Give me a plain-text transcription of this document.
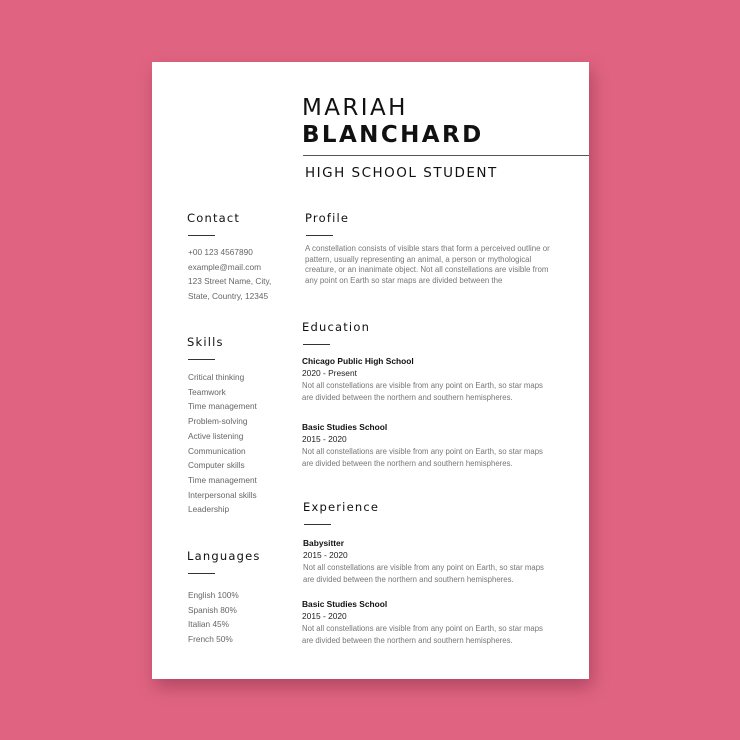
MARIAH
BLANCHARD
HIGH SCHOOL STUDENT
Contact
+00 123 4567890
example@mail.com
123 Street Name, City,
State, Country, 12345
Skills
Critical thinking
Teamwork
Time management
Problem-solving
Active listening
Communication
Computer skills
Time management
Interpersonal skills
Leadership
Languages
English 100%
Spanish 80%
Italian 45%
French 50%
Profile
A constellation consists of visible stars that form a perceived outline or pattern, usually representing an animal, a person or mythological creature, or an inanimate object. Not all constellations are visible from any point on Earth so star maps are divided between the
Education
Chicago Public High School
2020 - Present
Not all constellations are visible from any point on Earth, so star maps are divided between the northern and southern hemispheres.
Basic Studies School
2015 - 2020
Not all constellations are visible from any point on Earth, so star maps are divided between the northern and southern hemispheres.
Experience
Babysitter
2015 - 2020
Not all constellations are visible from any point on Earth, so star maps are divided between the northern and southern hemispheres.
Basic Studies School
2015 - 2020
Not all constellations are visible from any point on Earth, so star maps are divided between the northern and southern hemispheres.
